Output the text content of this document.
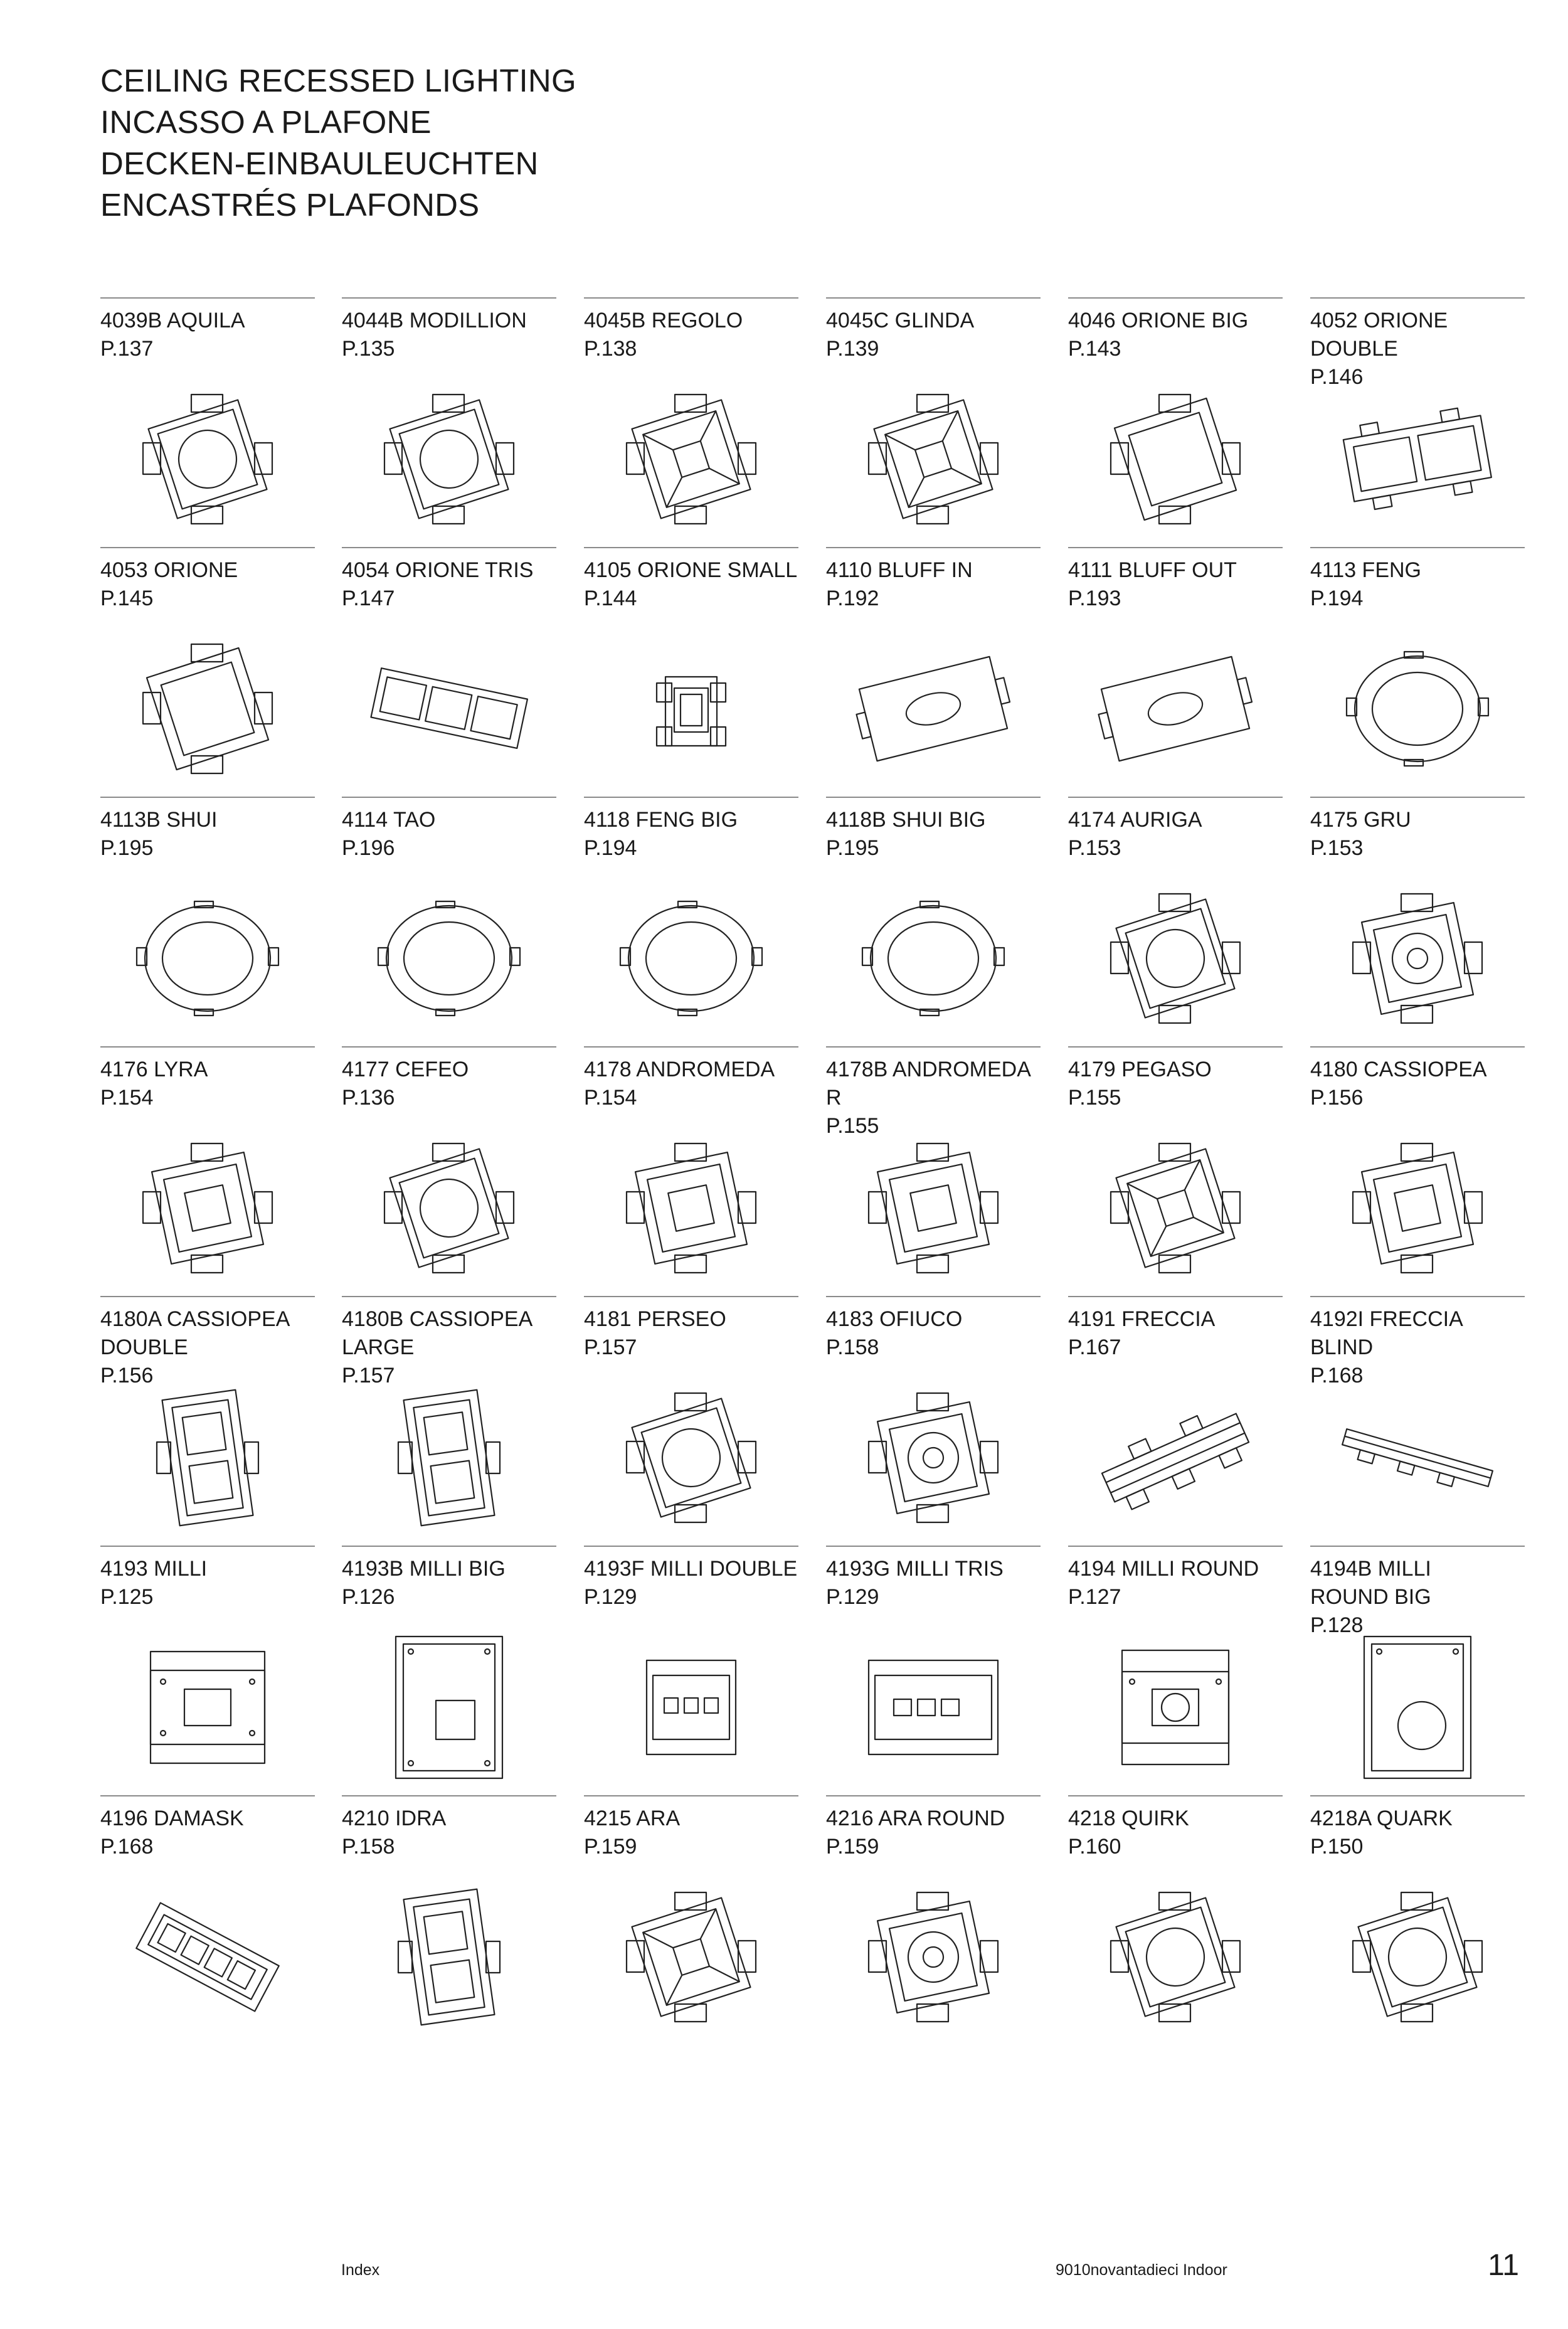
CEILING RECESSED LIGHTING
INCASSO A PLAFONE
DECKEN-EINBAULEUCHTEN
ENCASTRÉS PLAFONDS
4039B AQUILA
P.137
4044B MODILLION
P.135
4045B REGOLO
P.138
4045C GLINDA
P.139
4046 ORIONE BIG
P.143
4052 ORIONE
DOUBLE
P.146
4053 ORIONE
P.145
4054 ORIONE TRIS
P.147
4105 ORIONE SMALL
P.144
4110 BLUFF IN
P.192
4111 BLUFF OUT
P.193
4113 FENG
P.194
4113B SHUI
P.195
4114 TAO
P.196
4118 FENG BIG
P.194
4118B SHUI BIG
P.195
4174 AURIGA
P.153
4175 GRU
P.153
4176 LYRA
P.154
4177 CEFEO
P.136
4178 ANDROMEDA
P.154
4178B ANDROMEDA R
P.155
4179 PEGASO
P.155
4180 CASSIOPEA
P.156
4180A CASSIOPEA
DOUBLE
P.156
4180B CASSIOPEA
LARGE
P.157
4181 PERSEO
P.157
4183 OFIUCO
P.158
4191 FRECCIA
P.167
4192I FRECCIA BLIND
P.168
4193 MILLI
P.125
4193B MILLI BIG
P.126
4193F MILLI DOUBLE
P.129
4193G MILLI TRIS
P.129
4194 MILLI ROUND
P.127
4194B MILLI
ROUND BIG
P.128
4196 DAMASK
P.168
4210 IDRA
P.158
4215 ARA
P.159
4216 ARA ROUND
P.159
4218 QUIRK
P.160
4218A QUARK
P.150
Index	9010novantadieci Indoor	11
